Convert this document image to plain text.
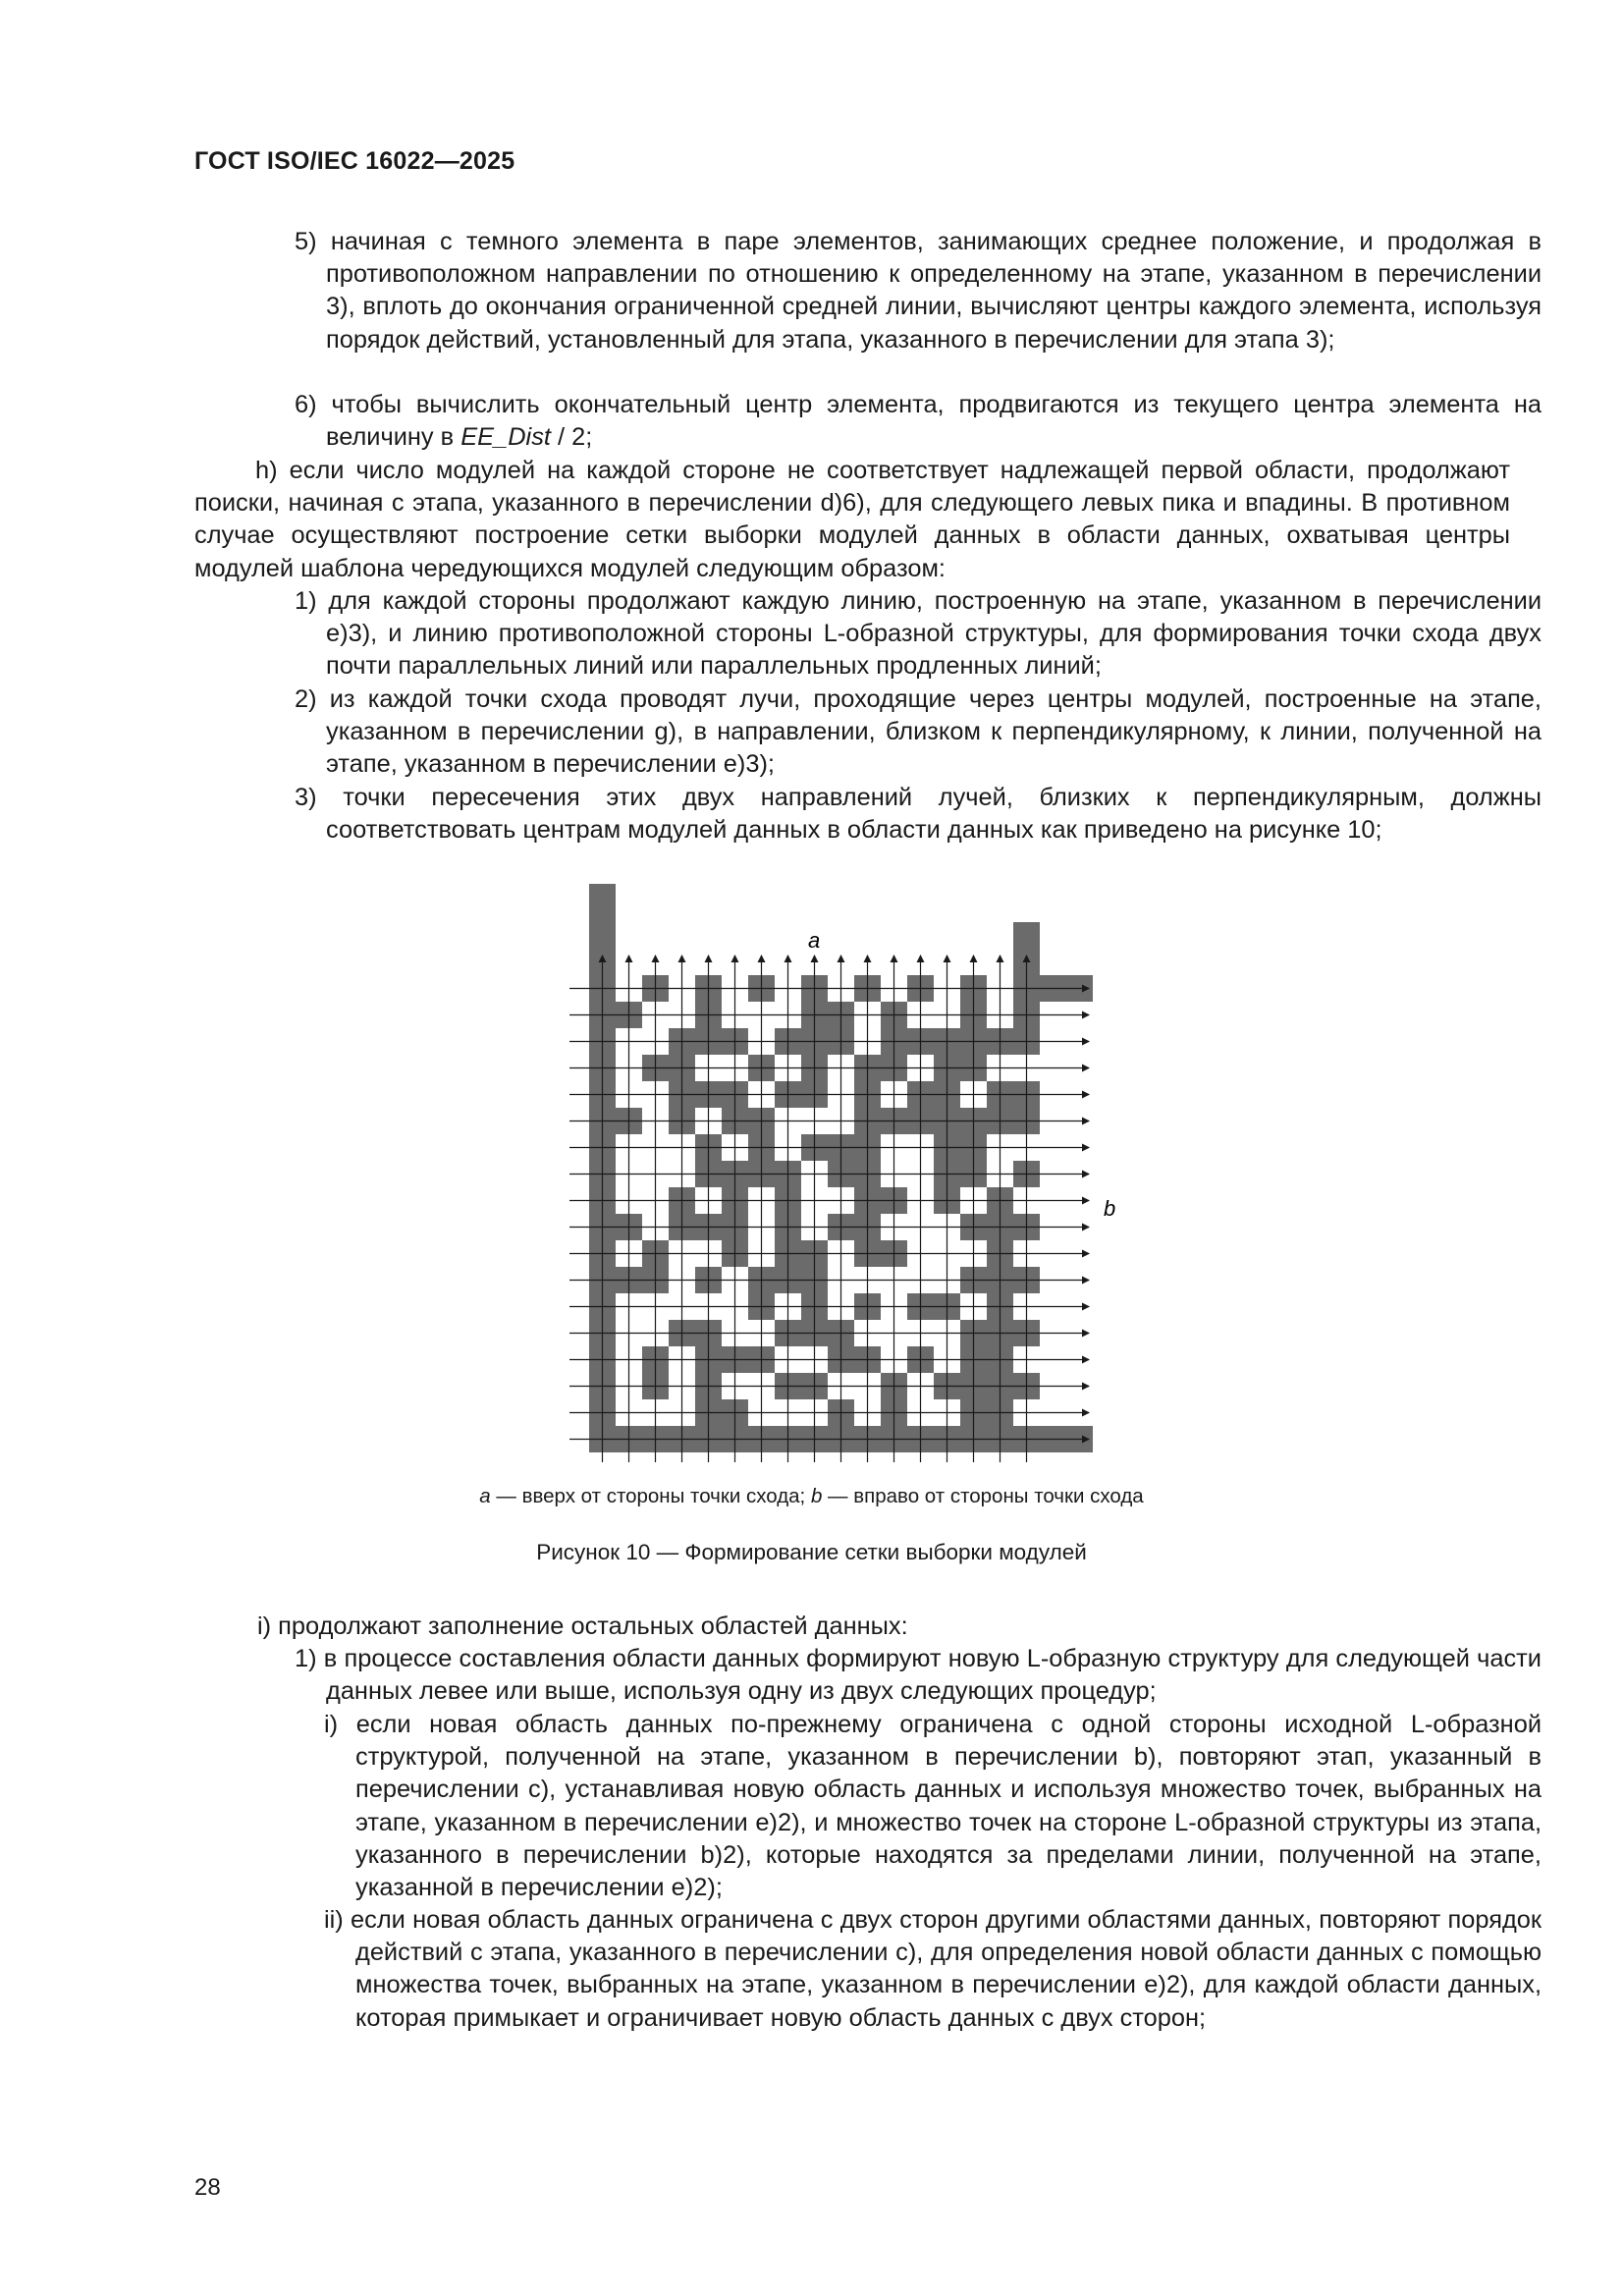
ГОСТ ISO/IEC 16022—2025
5) начиная с темного элемента в паре элементов, занимающих среднее положение, и продолжая в противоположном направлении по отношению к определенному на этапе, указанном в перечислении 3), вплоть до окончания ограниченной средней линии, вычисляют центры каждого элемента, используя порядок действий, установленный для этапа, указанного в перечислении для этапа 3);
6) чтобы вычислить окончательный центр элемента, продвигаются из текущего центра элемента на величину в EE_Dist / 2;
h) если число модулей на каждой стороне не соответствует надлежащей первой области, продолжают поиски, начиная с этапа, указанного в перечислении d)6), для следующего левых пика и впадины. В противном случае осуществляют построение сетки выборки модулей данных в области данных, охватывая центры модулей шаблона чередующихся модулей следующим образом:
1) для каждой стороны продолжают каждую линию, построенную на этапе, указанном в перечислении e)3), и линию противоположной стороны L-образной структуры, для формирования точки схода двух почти параллельных линий или параллельных продленных линий;
2) из каждой точки схода проводят лучи, проходящие через центры модулей, построенные на этапе, указанном в перечислении g), в направлении, близком к перпендикулярному, к линии, полученной на этапе, указанном в перечислении e)3);
3) точки пересечения этих двух направлений лучей, близких к перпендикулярным, должны соответствовать центрам модулей данных в области данных как приведено на рисунке 10;
a
b
a — вверх от стороны точки схода; b — вправо от стороны точки схода
Рисунок 10 — Формирование сетки выборки модулей
i) продолжают заполнение остальных областей данных:
1) в процессе составления области данных формируют новую L-образную структуру для следующей части данных левее или выше, используя одну из двух следующих процедур;
i) если новая область данных по-прежнему ограничена с одной стороны исходной L-образной структурой, полученной на этапе, указанном в перечислении b), повторяют этап, указанный в перечислении с), устанавливая новую область данных и используя множество точек, выбранных на этапе, указанном в перечислении e)2), и множество точек на стороне L-образной структуры из этапа, указанного в перечислении b)2), которые находятся за пределами линии, полученной на этапе, указанной в перечислении e)2);
ii) если новая область данных ограничена с двух сторон другими областями данных, повторяют порядок действий с этапа, указанного в перечислении с), для определения новой области данных с помощью множества точек, выбранных на этапе, указанном в перечислении e)2), для каждой области данных, которая примыкает и ограничивает новую область данных с двух сторон;
28
